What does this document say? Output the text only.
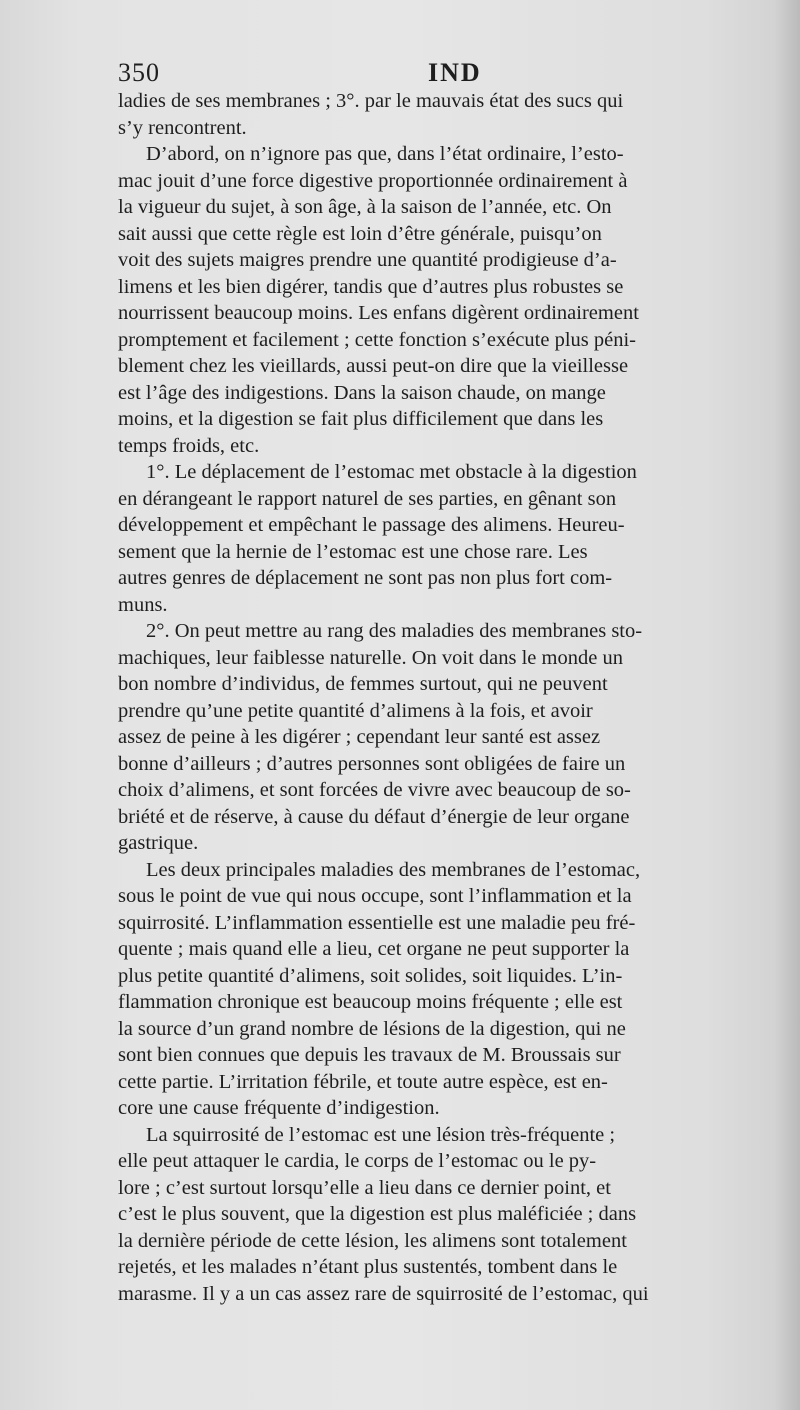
350	IND
ladies de ses membranes ; 3°. par le mauvais état des sucs qui
s’y rencontrent.
D’abord, on n’ignore pas que, dans l’état ordinaire, l’esto-
mac jouit d’une force digestive proportionnée ordinairement à
la vigueur du sujet, à son âge, à la saison de l’année, etc. On
sait aussi que cette règle est loin d’être générale, puisqu’on
voit des sujets maigres prendre une quantité prodigieuse d’a-
limens et les bien digérer, tandis que d’autres plus robustes se
nourrissent beaucoup moins. Les enfans digèrent ordinairement
promptement et facilement ; cette fonction s’exécute plus péni-
blement chez les vieillards, aussi peut-on dire que la vieillesse
est l’âge des indigestions. Dans la saison chaude, on mange
moins, et la digestion se fait plus difficilement que dans les
temps froids, etc.
1°. Le déplacement de l’estomac met obstacle à la digestion
en dérangeant le rapport naturel de ses parties, en gênant son
développement et empêchant le passage des alimens. Heureu-
sement que la hernie de l’estomac est une chose rare. Les
autres genres de déplacement ne sont pas non plus fort com-
muns.
2°. On peut mettre au rang des maladies des membranes sto-
machiques, leur faiblesse naturelle. On voit dans le monde un
bon nombre d’individus, de femmes surtout, qui ne peuvent
prendre qu’une petite quantité d’alimens à la fois, et avoir
assez de peine à les digérer ; cependant leur santé est assez
bonne d’ailleurs ; d’autres personnes sont obligées de faire un
choix d’alimens, et sont forcées de vivre avec beaucoup de so-
briété et de réserve, à cause du défaut d’énergie de leur organe
gastrique.
Les deux principales maladies des membranes de l’estomac,
sous le point de vue qui nous occupe, sont l’inflammation et la
squirrosité. L’inflammation essentielle est une maladie peu fré-
quente ; mais quand elle a lieu, cet organe ne peut supporter la
plus petite quantité d’alimens, soit solides, soit liquides. L’in-
flammation chronique est beaucoup moins fréquente ; elle est
la source d’un grand nombre de lésions de la digestion, qui ne
sont bien connues que depuis les travaux de M. Broussais sur
cette partie. L’irritation fébrile, et toute autre espèce, est en-
core une cause fréquente d’indigestion.
La squirrosité de l’estomac est une lésion très-fréquente ;
elle peut attaquer le cardia, le corps de l’estomac ou le py-
lore ; c’est surtout lorsqu’elle a lieu dans ce dernier point, et
c’est le plus souvent, que la digestion est plus maléficiée ; dans
la dernière période de cette lésion, les alimens sont totalement
rejetés, et les malades n’étant plus sustentés, tombent dans le
marasme. Il y a un cas assez rare de squirrosité de l’estomac, qui
